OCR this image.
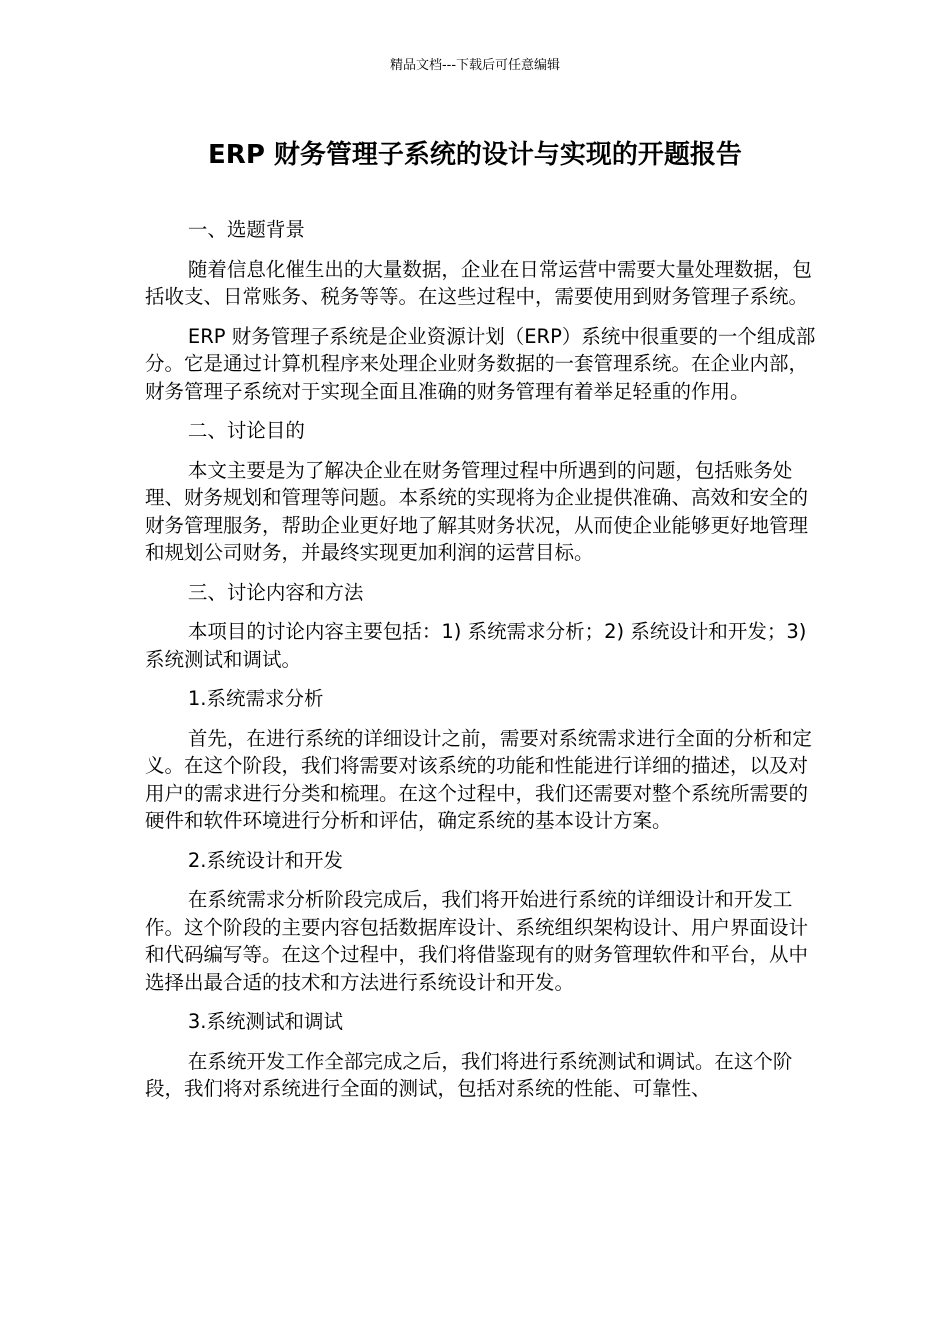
精品文档---下载后可任意编辑
ERP 财务管理子系统的设计与实现的开题报告

一、选题背景

随着信息化催生出的大量数据，企业在日常运营中需要大量处理数据，包括收支、日常账务、税务等等。在这些过程中，需要使用到财务管理子系统。

ERP 财务管理子系统是企业资源计划（ERP）系统中很重要的一个组成部分。它是通过计算机程序来处理企业财务数据的一套管理系统。在企业内部，财务管理子系统对于实现全面且准确的财务管理有着举足轻重的作用。

二、讨论目的

本文主要是为了解决企业在财务管理过程中所遇到的问题，包括账务处理、财务规划和管理等问题。本系统的实现将为企业提供准确、高效和安全的财务管理服务，帮助企业更好地了解其财务状况，从而使企业能够更好地管理和规划公司财务，并最终实现更加利润的运营目标。

三、讨论内容和方法

本项目的讨论内容主要包括：1) 系统需求分析；2) 系统设计和开发；3) 系统测试和调试。

1.系统需求分析

首先，在进行系统的详细设计之前，需要对系统需求进行全面的分析和定义。在这个阶段，我们将需要对该系统的功能和性能进行详细的描述，以及对用户的需求进行分类和梳理。在这个过程中，我们还需要对整个系统所需要的硬件和软件环境进行分析和评估，确定系统的基本设计方案。

2.系统设计和开发

在系统需求分析阶段完成后，我们将开始进行系统的详细设计和开发工作。这个阶段的主要内容包括数据库设计、系统组织架构设计、用户界面设计和代码编写等。在这个过程中，我们将借鉴现有的财务管理软件和平台，从中选择出最合适的技术和方法进行系统设计和开发。

3.系统测试和调试

在系统开发工作全部完成之后，我们将进行系统测试和调试。在这个阶段，我们将对系统进行全面的测试，包括对系统的性能、可靠性、
